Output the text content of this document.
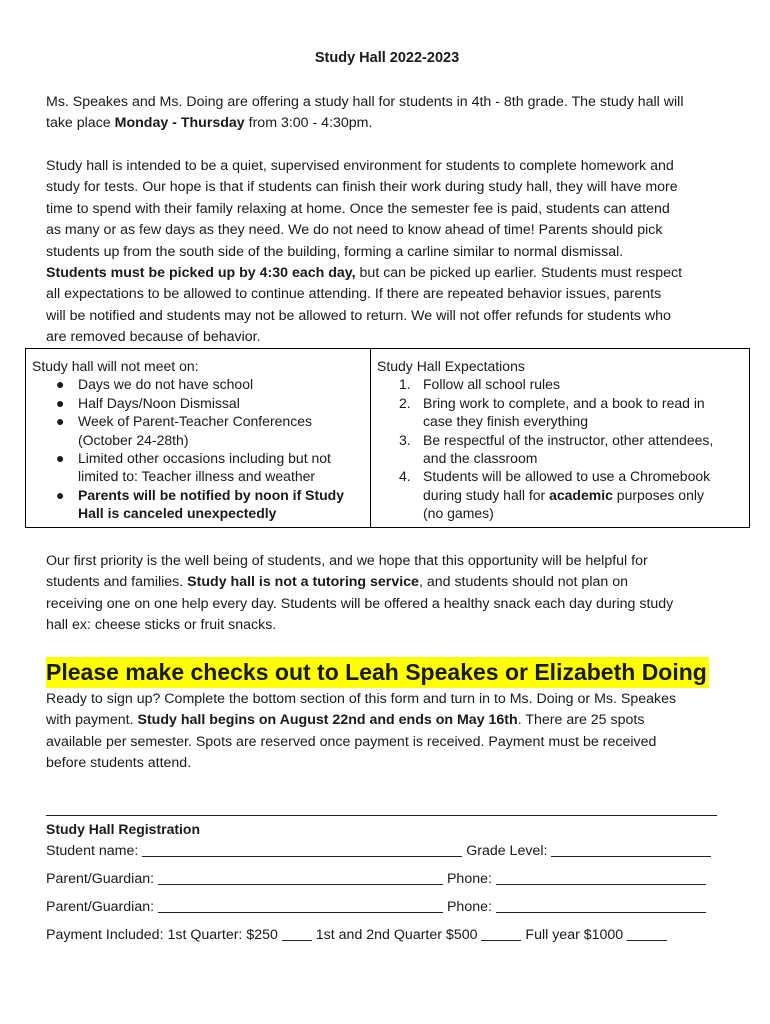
Study Hall 2022-2023

Ms. Speakes and Ms. Doing are offering a study hall for students in 4th - 8th grade. The study hall will
take place Monday - Thursday from 3:00 - 4:30pm.

Study hall is intended to be a quiet, supervised environment for students to complete homework and
study for tests. Our hope is that if students can finish their work during study hall, they will have more
time to spend with their family relaxing at home. Once the semester fee is paid, students can attend
as many or as few days as they need. We do not need to know ahead of time! Parents should pick
students up from the south side of the building, forming a carline similar to normal dismissal.
Students must be picked up by 4:30 each day, but can be picked up earlier. Students must respect
all expectations to be allowed to continue attending. If there are repeated behavior issues, parents
will be notified and students may not be allowed to return. We will not offer refunds for students who
are removed because of behavior.

Study hall will not meet on:
● Days we do not have school
● Half Days/Noon Dismissal
● Week of Parent-Teacher Conferences
(October 24-28th)
● Limited other occasions including but not
limited to: Teacher illness and weather
● Parents will be notified by noon if Study
Hall is canceled unexpectedly
Study Hall Expectations
1. Follow all school rules
2. Bring work to complete, and a book to read in
case they finish everything
3. Be respectful of the instructor, other attendees,
and the classroom
4. Students will be allowed to use a Chromebook
during study hall for academic purposes only
(no games)

Our first priority is the well being of students, and we hope that this opportunity will be helpful for
students and families. Study hall is not a tutoring service, and students should not plan on
receiving one on one help every day. Students will be offered a healthy snack each day during study
hall ex: cheese sticks or fruit snacks.

Please make checks out to Leah Speakes or Elizabeth Doing

Ready to sign up? Complete the bottom section of this form and turn in to Ms. Doing or Ms. Speakes
with payment. Study hall begins on August 22nd and ends on May 16th. There are 25 spots
available per semester. Spots are reserved once payment is received. Payment must be received
before students attend.

Study Hall Registration
Student name:	Grade Level:
Parent/Guardian:	Phone:
Parent/Guardian:	Phone:
Payment Included: 1st Quarter: $250	1st and 2nd Quarter $500	Full year $1000
